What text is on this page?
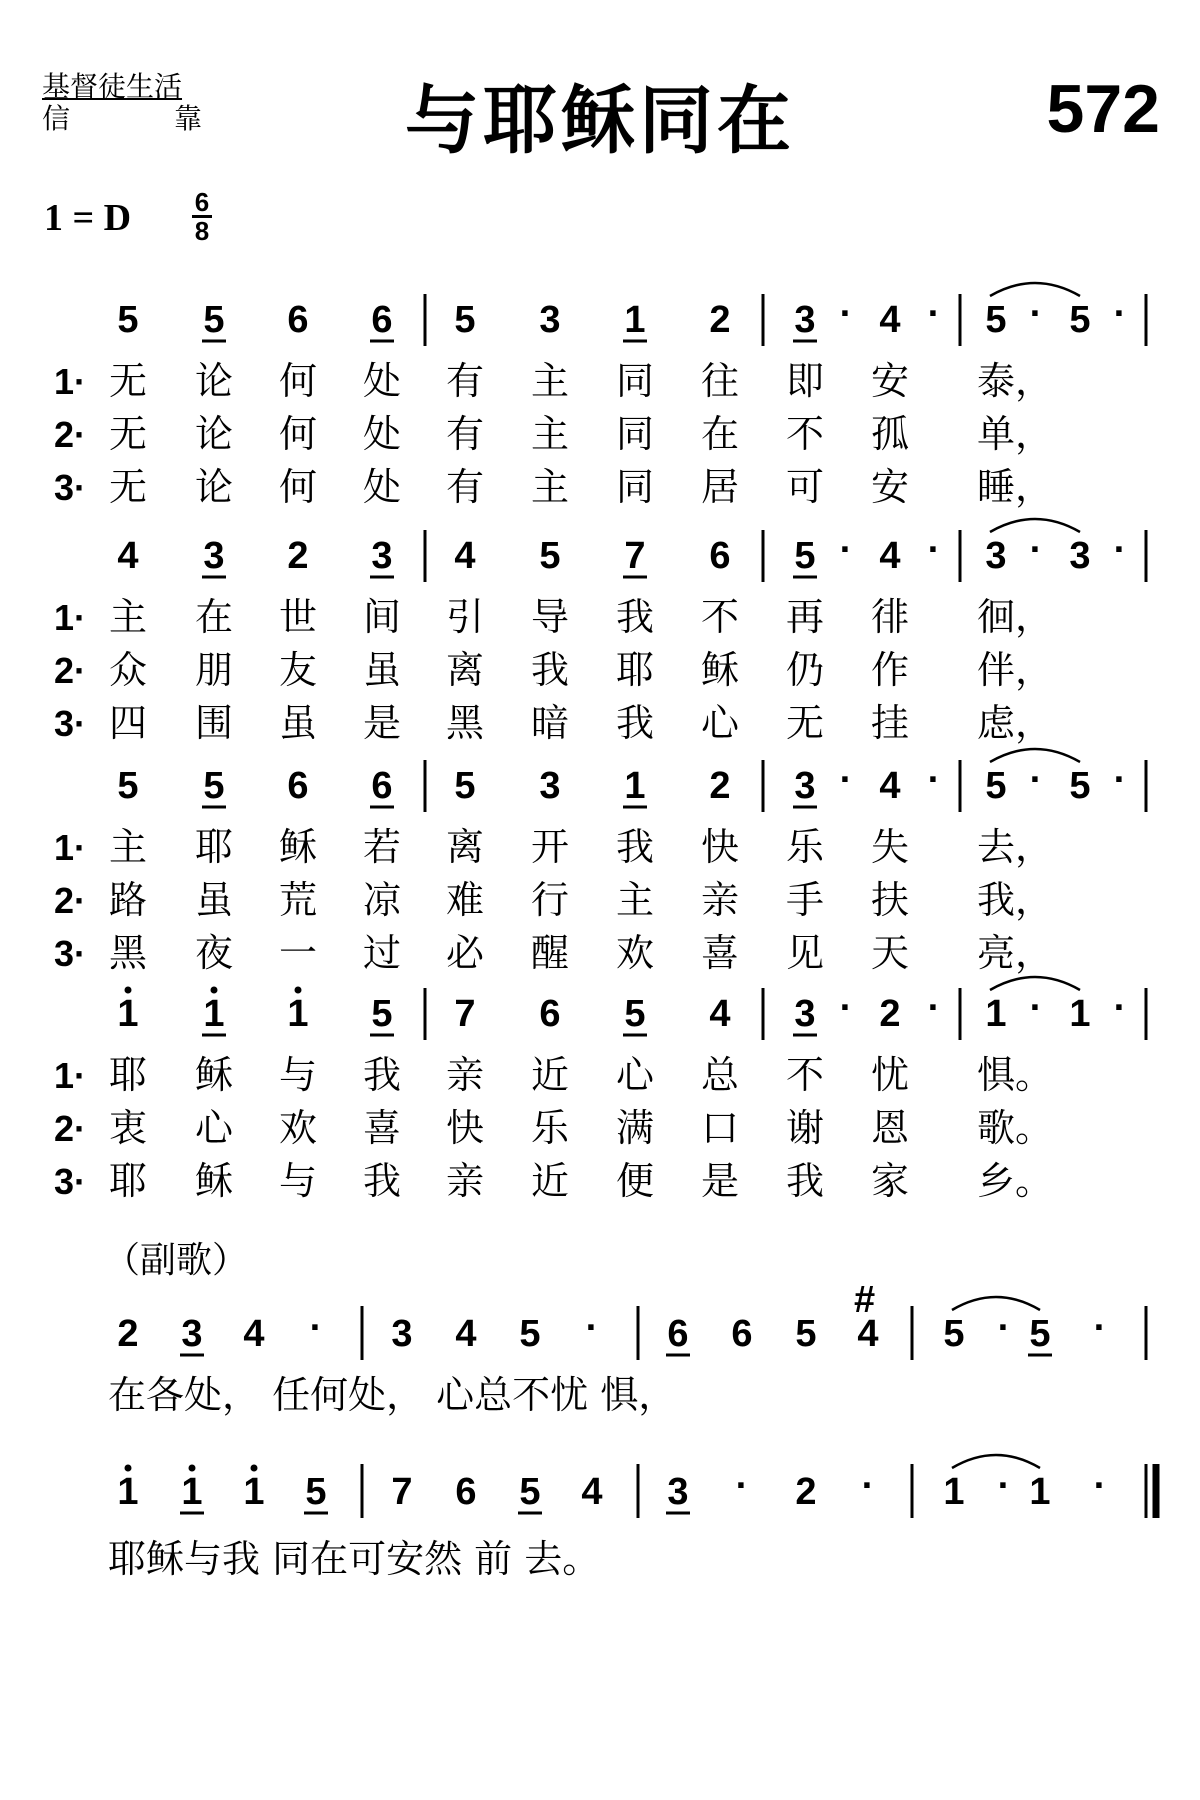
基督徒生活
信	靠	与耶稣同在	572
1 = D 6
8
5 5 6 6 5 3 1 2 3 · 4 · 5 · 5 ·
1· 无 论 何 处 有 主 同 往 即 安 泰，
2· 无 论 何 处 有 主 同 在 不 孤 单，
3· 无 论 何 处 有 主 同 居 可 安 睡，
4 3 2 3 4 5 7 6 5 · 4 · 3 · 3 ·
1· 主 在 世 间 引 导 我 不 再 徘 徊，
2· 众 朋 友 虽 离 我 耶 稣 仍 作 伴，
3· 四 围 虽 是 黑 暗 我 心 无 挂 虑，
5 5 6 6 5 3 1 2 3 · 4 · 5 · 5 ·
1· 主 耶 稣 若 离 开 我 快 乐 失 去，
2· 路 虽 荒 凉 难 行 主 亲 手 扶 我，
3· 黑 夜 一 过 必 醒 欢 喜 见 天 亮，
1 1 1 5 7 6 5 4 3 · 2 · 1 · 1 ·
1· 耶 稣 与 我 亲 近 心 总 不 忧 惧。
2· 衷 心 欢 喜 快 乐 满 口 谢 恩 歌。
3· 耶 稣 与 我 亲 近 便 是 我 家 乡。
（副歌）
2 3 4 · 3 4 5 · 6 6 5 4 5 · 5 ·
#
在各处， 任何处， 心总不忧 惧，
1 1 1 5 7 6 5 4 3 · 2 · 1 · 1 ·
耶稣与我 同在可安然 前 去。
